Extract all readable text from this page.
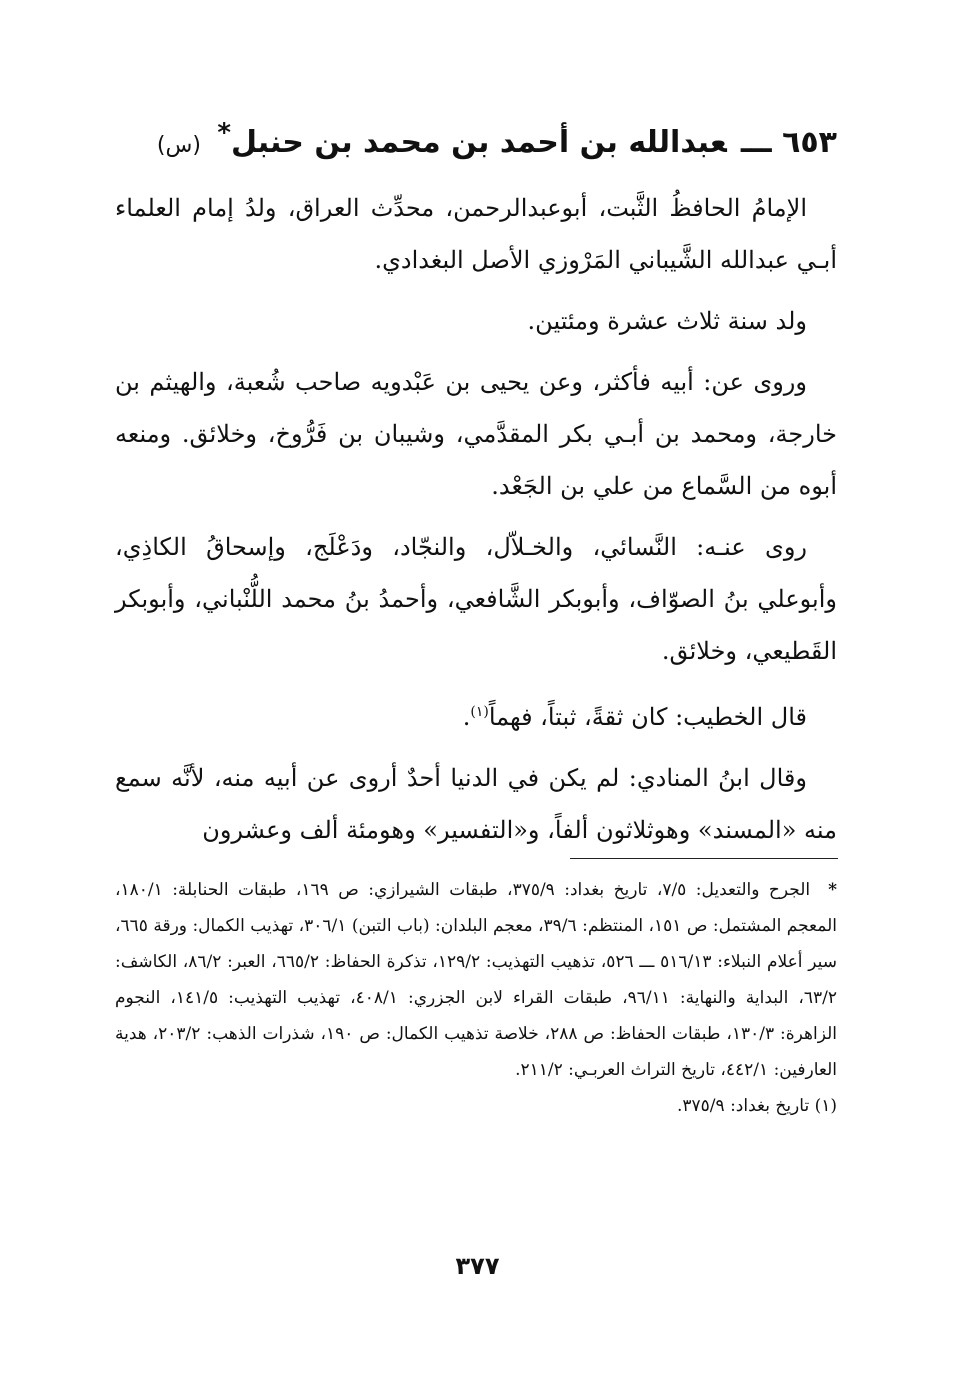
٦٥٣ ـــعبدالله بن أحمد بن محمد بن حنبل* (س)

الإمامُ الحافظُ الثَّبت، أبوعبدالرحمن، محدِّث العراق، ولدُ إمام العلماء أبـي عبدالله الشَّيباني المَرْوزي الأصل البغدادي.

ولد سنة ثلاث عشرة ومئتين.

وروى عن: أبيه فأكثر، وعن يحيى بن عَبْدويه صاحب شُعبة، والهيثم بن خارجة، ومحمد بن أبـي بكر المقدَّمي، وشيبان بن فَرُّوخ، وخلائق. ومنعه أبوه من السَّماع من علي بن الجَعْد.

روى عنـه: النَّسائي، والخـلاّل، والنجّاد، ودَعْلَج، وإسحاقُ الكاذِي، وأبوعلي بنُ الصوّاف، وأبوبكر الشَّافعي، وأحمدُ بنُ محمد اللُّنْباني، وأبوبكر القَطيعي، وخلائق.

قال الخطيب: كان ثقةً، ثبتاً، فهماً$^{(١)}$.

وقال ابنُ المنادي: لم يكن في الدنيا أحدٌ أروى عن أبيه منه، لأنَّه سمع منه «المسند» وهوثلاثون ألفاً، و«التفسير» وهومئة ألف وعشرون

*الجرح والتعديل: ٧/٥، تاريخ بغداد: ٣٧٥/٩، طبقات الشيرازي: ص ١٦٩، طبقات الحنابلة: ١٨٠/١، المعجم المشتمل: ص ١٥١، المنتظم: ٣٩/٦، معجم البلدان: (باب التبن) ٣٠٦/١، تهذيب الكمال: ورقة ٦٦٥، سير أعلام النبلاء: ٥١٦/١٣ ـــ ٥٢٦، تذهيب التهذيب: ١٢٩/٢، تذكرة الحفاظ: ٦٦٥/٢، العبر: ٨٦/٢، الكاشف: ٦٣/٢، البداية والنهاية: ٩٦/١١، طبقات القراء لابن الجزري: ٤٠٨/١، تهذيب التهذيب: ١٤١/٥، النجوم الزاهرة: ١٣٠/٣، طبقات الحفاظ: ص ٢٨٨، خلاصة تذهيب الكمال: ص ١٩٠، شذرات الذهب: ٢٠٣/٢، هدية العارفين: ٤٤٢/١، تاريخ التراث العربـي: ٢١١/٢.

(١) تاريخ بغداد: ٣٧٥/٩.

٣٧٧
